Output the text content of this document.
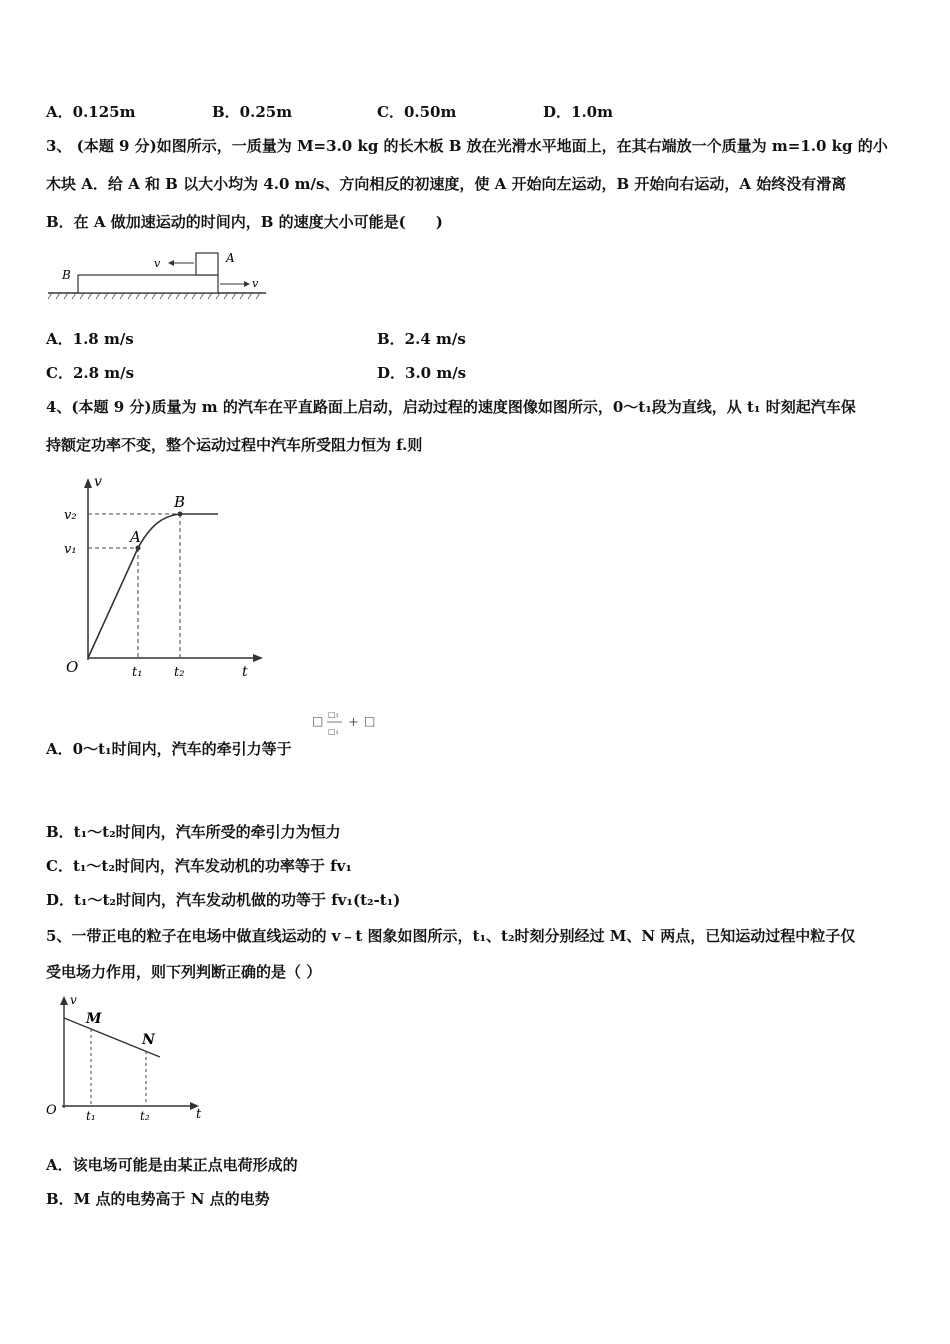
A．0.125m	B．0.25m	C．0.50m	D．1.0m
3、 (本题 9 分)如图所示，一质量为 M=3.0 kg 的长木板 B 放在光滑水平地面上，在其右端放一个质量为 m=1.0 kg 的小
木块 A．给 A 和 B 以大小均为 4.0 m/s、方向相反的初速度，使 A 开始向左运动，B 开始向右运动，A 始终没有滑离
B．在 A 做加速运动的时间内，B 的速度大小可能是(　　)
B
A
v
v
A．1.8 m/s	B．2.4 m/s
C．2.8 m/s	D．3.0 m/s
4、(本题 9 分)质量为 m 的汽车在平直路面上启动，启动过程的速度图像如图所示，0～t₁段为直线，从 t₁ 时刻起汽车保
持额定功率不变，整个运动过程中汽车所受阻力恒为 f.则
v
t
O
v₂
v₁
t₁ t₂
A
B
□ □₁
□₁
+ □
A．0～t₁时间内，汽车的牵引力等于
B．t₁～t₂时间内，汽车所受的牵引力为恒力
C．t₁～t₂时间内，汽车发动机的功率等于 fv₁
D．t₁～t₂时间内，汽车发动机做的功等于 fv₁(t₂-t₁)
5、一带正电的粒子在电场中做直线运动的 v﹣t 图象如图所示，t₁、t₂时刻分别经过 M、N 两点，已知运动过程中粒子仅
受电场力作用，则下列判断正确的是（ ）
v
t
O
M
N
t₁	t₂
A．该电场可能是由某正点电荷形成的
B．M 点的电势高于 N 点的电势
